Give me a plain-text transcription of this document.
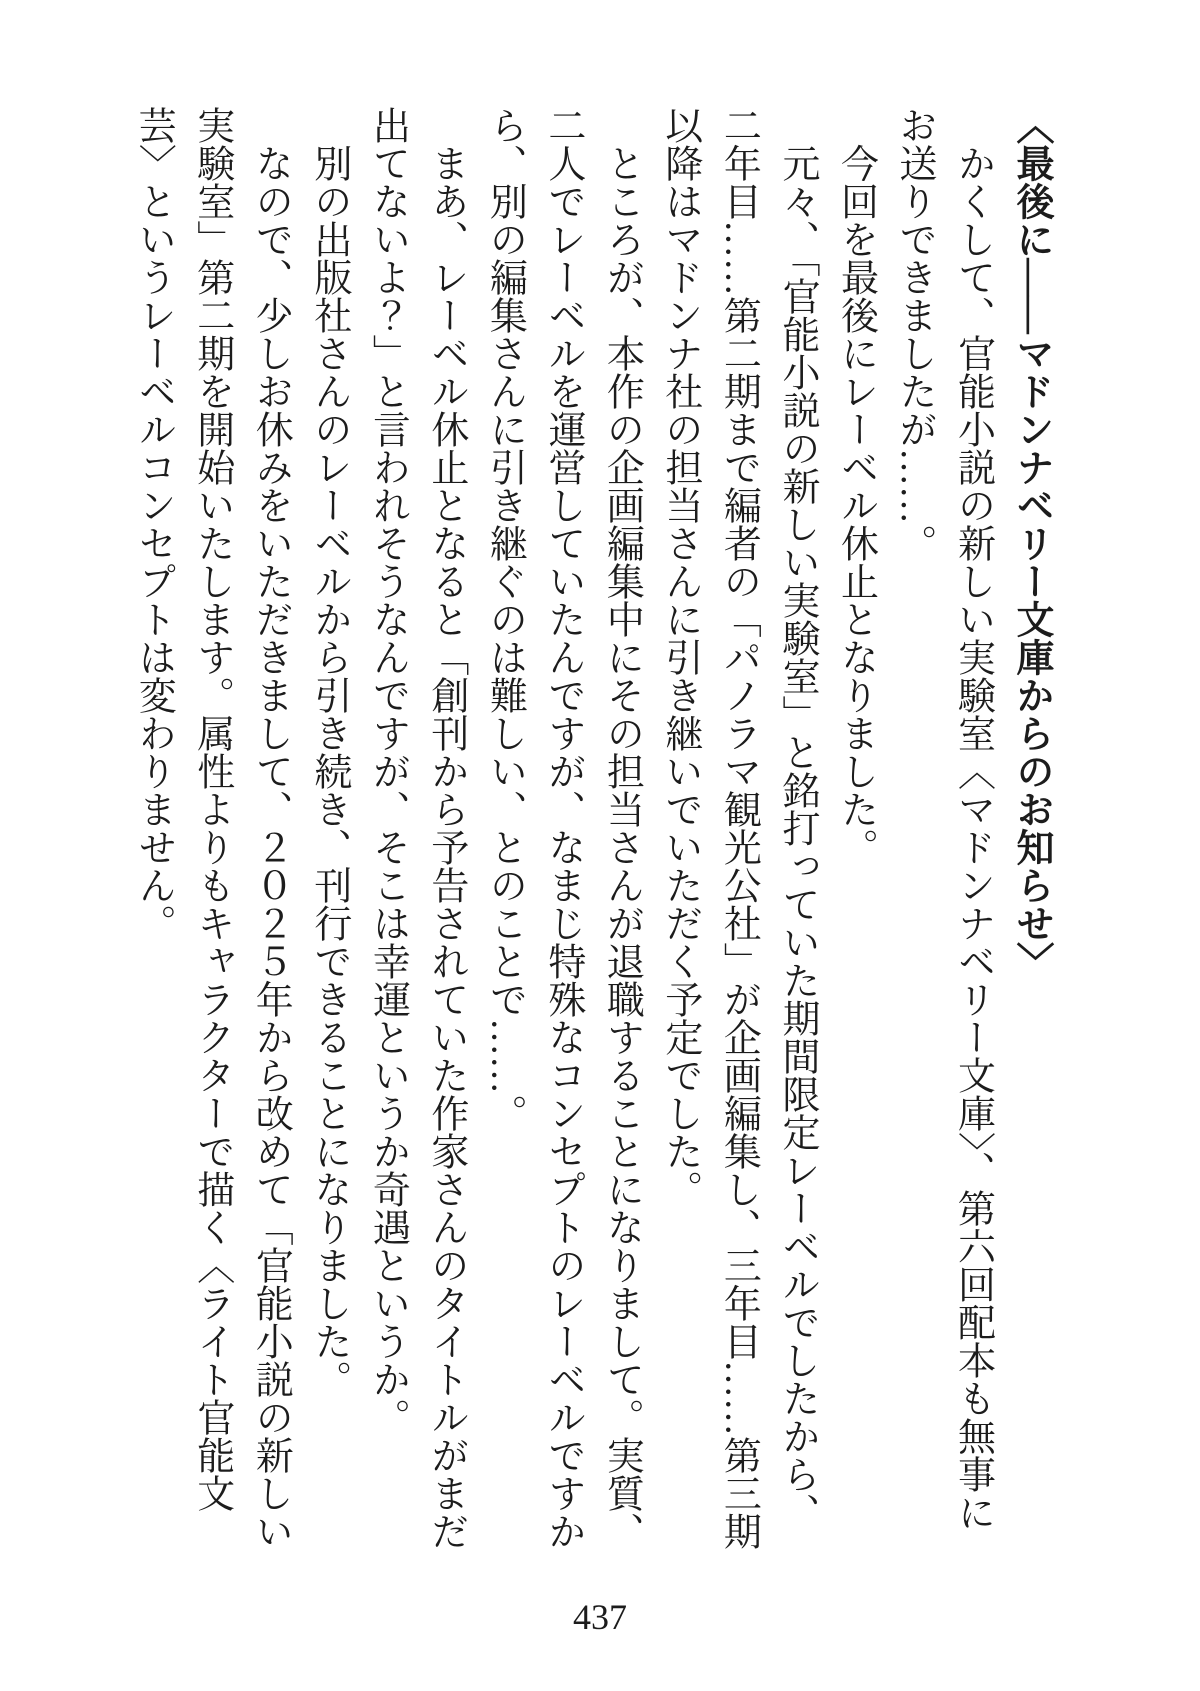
〈最後に――マドンナベリー文庫からのお知らせ〉

かくして、官能小説の新しい実験室〈マドンナベリー文庫〉、第六回配本も無事にお送りできましたが……。

今回を最後にレーベル休止となりました。

元々、「官能小説の新しい実験室」と銘打っていた期間限定レーベルでしたから、二年目……第二期まで編者の「パノラマ観光公社」が企画編集し、三年目……第三期以降はマドンナ社の担当さんに引き継いでいただく予定でした。

ところが、本作の企画編集中にその担当さんが退職することになりまして。実質、二人でレーベルを運営していたんですが、なまじ特殊なコンセプトのレーベルですから、別の編集さんに引き継ぐのは難しい、とのことで……。

まあ、レーベル休止となると「創刊から予告されていた作家さんのタイトルがまだ出てないよ？」と言われそうなんですが、そこは幸運というか奇遇というか。

別の出版社さんのレーベルから引き続き、刊行できることになりました。

なので、少しお休みをいただきまして、２０２５年から改めて「官能小説の新しい実験室」第二期を開始いたします。属性よりもキャラクターで描く〈ライト官能文芸〉というレーベルコンセプトは変わりません。

437
